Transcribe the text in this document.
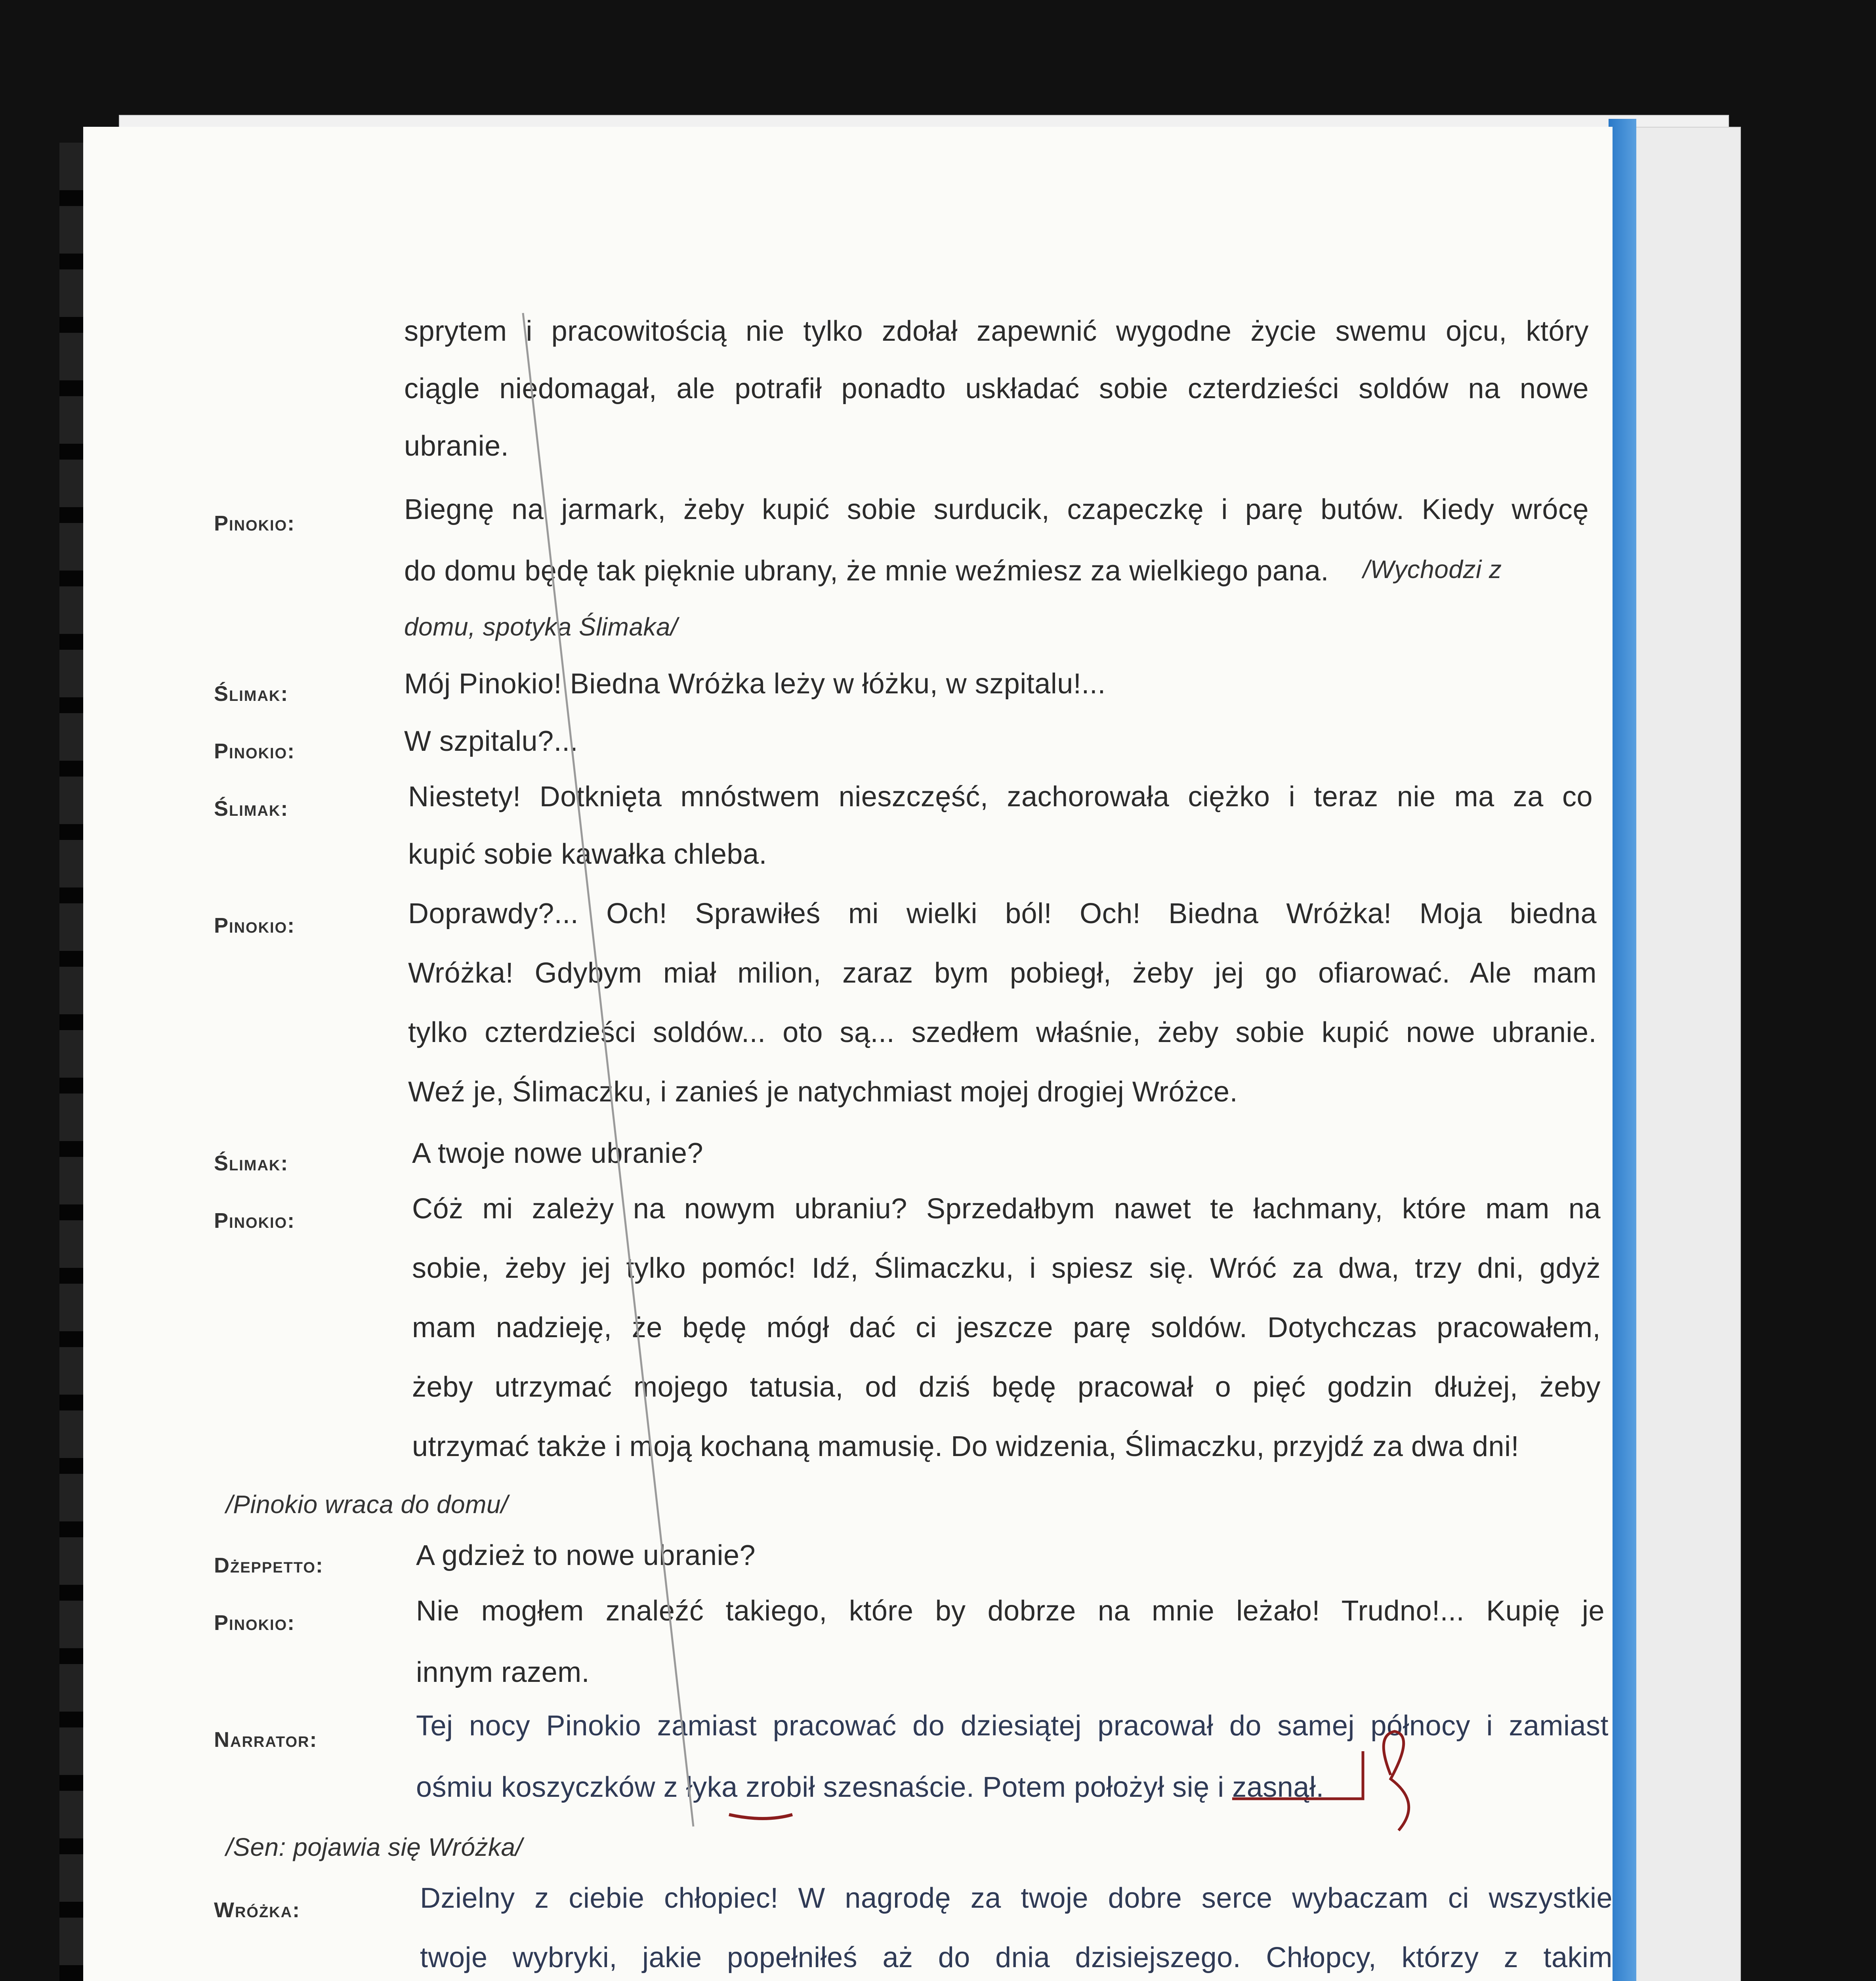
sprytem i pracowitością nie tylko zdołał zapewnić wygodne życie swemu ojcu, który
ciągle niedomagał, ale potrafił ponadto uskładać sobie czterdzieści soldów na nowe
ubranie.
Pinokio:	Biegnę na jarmark, żeby kupić sobie surducik, czapeczkę i parę butów. Kiedy wrócę
do domu będę tak pięknie ubrany, że mnie weźmiesz za wielkiego pana. /Wychodzi z
domu, spotyka Ślimaka/
Ślimak:	Mój Pinokio! Biedna Wróżka leży w łóżku, w szpitalu!...
Pinokio:	W szpitalu?...
Ślimak:	Niestety! Dotknięta mnóstwem nieszczęść, zachorowała ciężko i teraz nie ma za co
kupić sobie kawałka chleba.
Pinokio:	Doprawdy?... Och! Sprawiłeś mi wielki ból! Och! Biedna Wróżka! Moja biedna
Wróżka! Gdybym miał milion, zaraz bym pobiegł, żeby jej go ofiarować. Ale mam
tylko czterdzieści soldów... oto są... szedłem właśnie, żeby sobie kupić nowe ubranie.
Weź je, Ślimaczku, i zanieś je natychmiast mojej drogiej Wróżce.
Ślimak:	A twoje nowe ubranie?
Pinokio:	Cóż mi zależy na nowym ubraniu? Sprzedałbym nawet te łachmany, które mam na
sobie, żeby jej tylko pomóc! Idź, Ślimaczku, i spiesz się. Wróć za dwa, trzy dni, gdyż
mam nadzieję, że będę mógł dać ci jeszcze parę soldów. Dotychczas pracowałem,
żeby utrzymać mojego tatusia, od dziś będę pracował o pięć godzin dłużej, żeby
utrzymać także i moją kochaną mamusię. Do widzenia, Ślimaczku, przyjdź za dwa dni!
/Pinokio wraca do domu/
Dżeppetto:	A gdzież to nowe ubranie?
Pinokio:	Nie mogłem znaleźć takiego, które by dobrze na mnie leżało! Trudno!... Kupię je
innym razem.
Narrator:	Tej nocy Pinokio zamiast pracować do dziesiątej pracował do samej północy i zamiast
ośmiu koszyczków z łyka zrobił szesnaście. Potem położył się i zasnął.
/Sen: pojawia się Wróżka/
Wróżka:	Dzielny z ciebie chłopiec! W nagrodę za twoje dobre serce wybaczam ci wszystkie
twoje wybryki, jakie popełniłeś aż do dnia dzisiejszego. Chłopcy, którzy z takim
